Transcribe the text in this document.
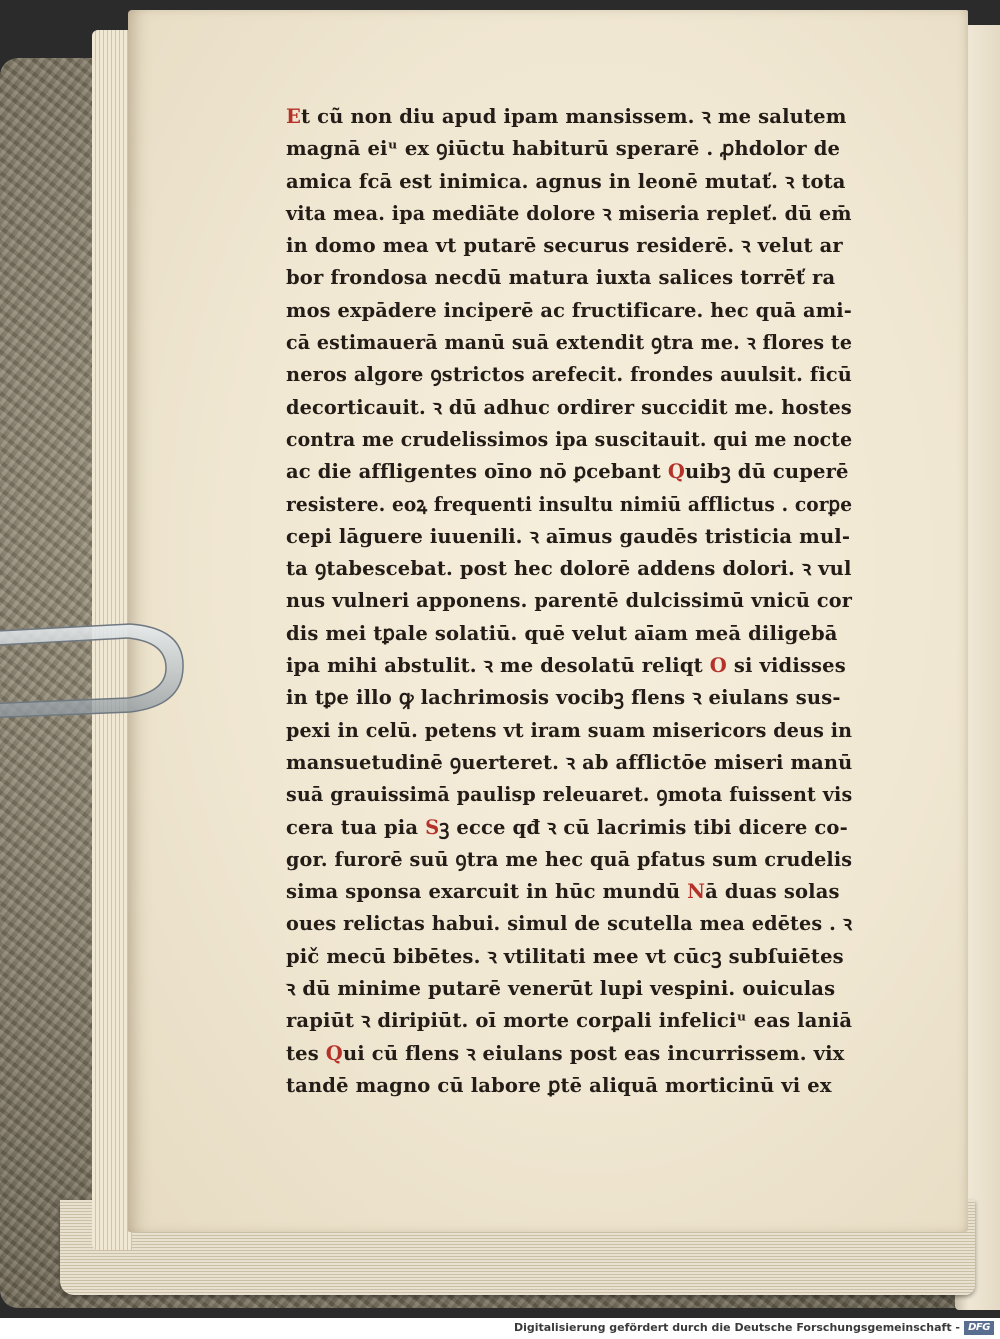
Et cũ non diu apud ipam mansissem. ꝛ me salutem
magnā eiᵘ ex ꝯiūctu habiturū sperarē . ꝓhdolor de
amica fcā est inimica. agnus in leonē mutať. ꝛ tota
vita mea. ipa mediāte dolore ꝛ miseria repleť. dū em̄
in domo mea vt putarē securus residerē. ꝛ velut ar
bor frondosa necdū matura iuxta salices torrēť ra
mos expādere inciperē ac fructificare. hec quā ami-
cā estimauerā manū suā extendit ꝯtra me. ꝛ flores te
neros algore ꝯstrictos arefecit. frondes auulsit. ficū
decorticauit. ꝛ dū adhuc ordirer succidit me. hostes
contra me crudelissimos ipa suscitauit. qui me nocte
ac die affligentes oīno nō ꝑcebant Quibꝫ dū cuperē
resistere. eoꝝ frequenti insultu nimiū afflictus . corꝑe
cepi lāguere iuuenili. ꝛ aīmus gaudēs tristicia mul-
ta ꝯtabescebat. post hec dolorē addens dolori. ꝛ vul
nus vulneri apponens. parentē dulcissimū vnicū cor
dis mei tꝑale solatiū. quē velut aīam meā diligebā
ipa mihi abstulit. ꝛ me desolatū reliqt O si vidisses
in tꝑe illo ꝙ lachrimosis vocibꝫ flens ꝛ eiulans sus-
pexi in celū. petens vt iram suam misericors deus in
mansuetudinē ꝯuerteret. ꝛ ab afflictōe miseri manū
suā grauissimā paulisp releuaret. ꝯmota fuissent vis
cera tua pia Sꝫ ecce qđ ꝛ cū lacrimis tibi dicere co-
gor. furorē suū ꝯtra me hec quā pfatus sum crudelis
sima sponsa exarcuit in hūc mundū Nā duas solas
oues relictas habui. simul de scutella mea edētes . ꝛ
pič mecū bibētes. ꝛ vtilitati mee vt cūcꝫ subſuiētes
ꝛ dū minime putarē venerūt lupi vespini. ouiculas
rapiūt ꝛ diripiūt. oī morte corꝑali infeliciᵘ eas laniā
tes Qui cū flens ꝛ eiulans post eas incurrissem. vix
tandē magno cū labore ꝑtē aliquā morticinū vi ex
Digitalisierung gefördert durch die Deutsche Forschungsgemeinschaft - DFG
